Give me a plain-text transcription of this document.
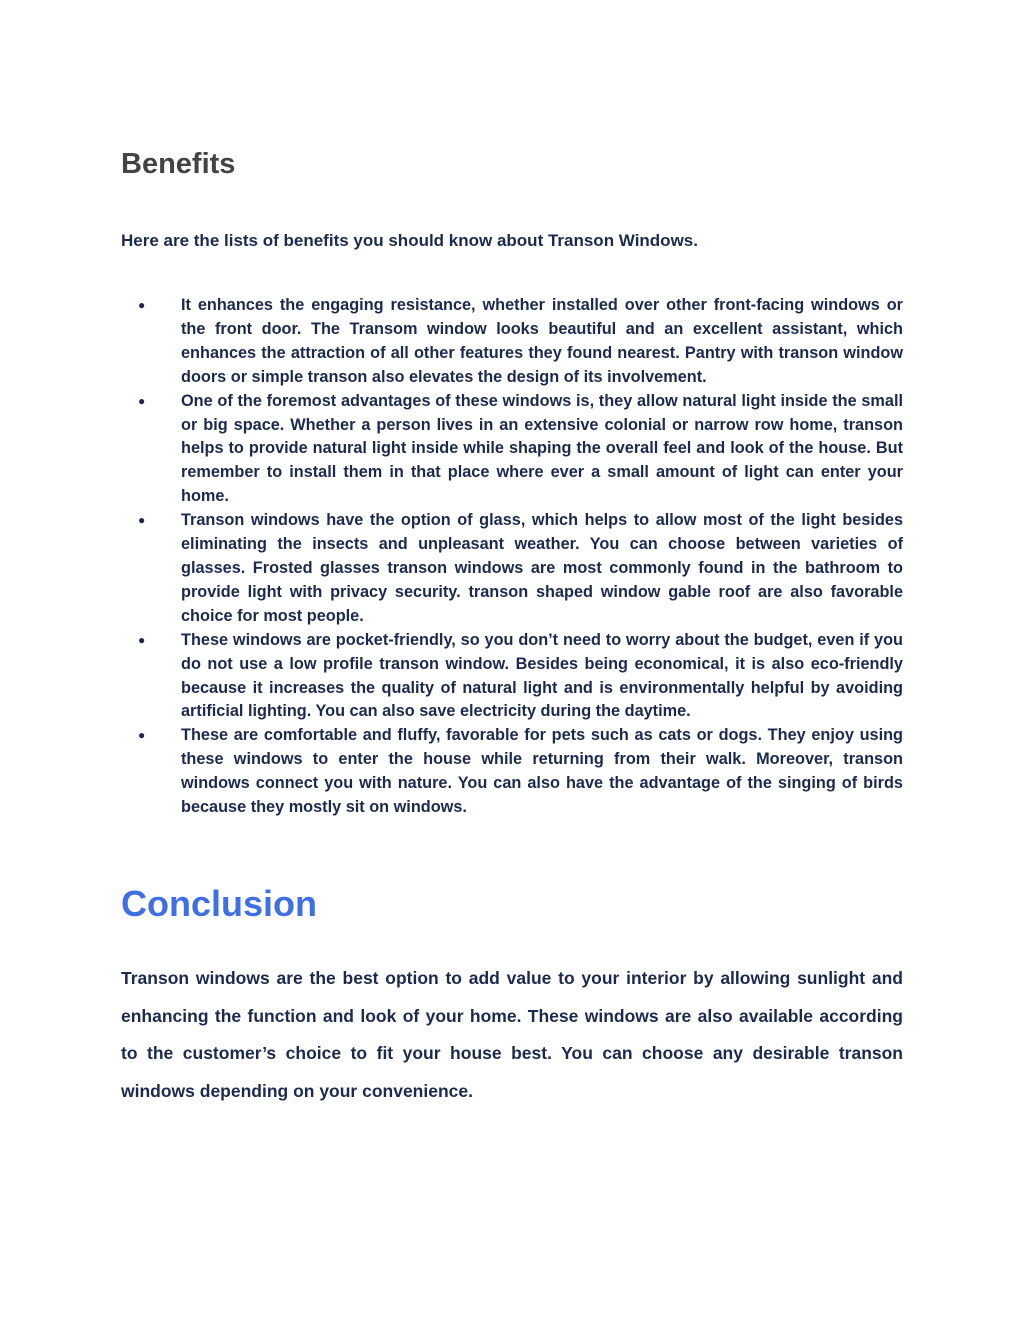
Benefits

Here are the lists of benefits you should know about Transon Windows.

● It enhances the engaging resistance, whether installed over other front-facing windows or the front door. The Transom window looks beautiful and an excellent assistant, which enhances the attraction of all other features they found nearest. Pantry with transon window doors or simple transon also elevates the design of its involvement.
● One of the foremost advantages of these windows is, they allow natural light inside the small or big space. Whether a person lives in an extensive colonial or narrow row home, transon helps to provide natural light inside while shaping the overall feel and look of the house. But remember to install them in that place where ever a small amount of light can enter your home.
● Transon windows have the option of glass, which helps to allow most of the light besides eliminating the insects and unpleasant weather. You can choose between varieties of glasses. Frosted glasses transon windows are most commonly found in the bathroom to provide light with privacy security. transon shaped window gable roof are also favorable choice for most people.
● These windows are pocket-friendly, so you don’t need to worry about the budget, even if you do not use a low profile transon window. Besides being economical, it is also eco-friendly because it increases the quality of natural light and is environmentally helpful by avoiding artificial lighting. You can also save electricity during the daytime.
● These are comfortable and fluffy, favorable for pets such as cats or dogs. They enjoy using these windows to enter the house while returning from their walk. Moreover, transon windows connect you with nature. You can also have the advantage of the singing of birds because they mostly sit on windows.
Conclusion

Transon windows are the best option to add value to your interior by allowing sunlight and enhancing the function and look of your home. These windows are also available according to the customer’s choice to fit your house best. You can choose any desirable transon windows depending on your convenience.
